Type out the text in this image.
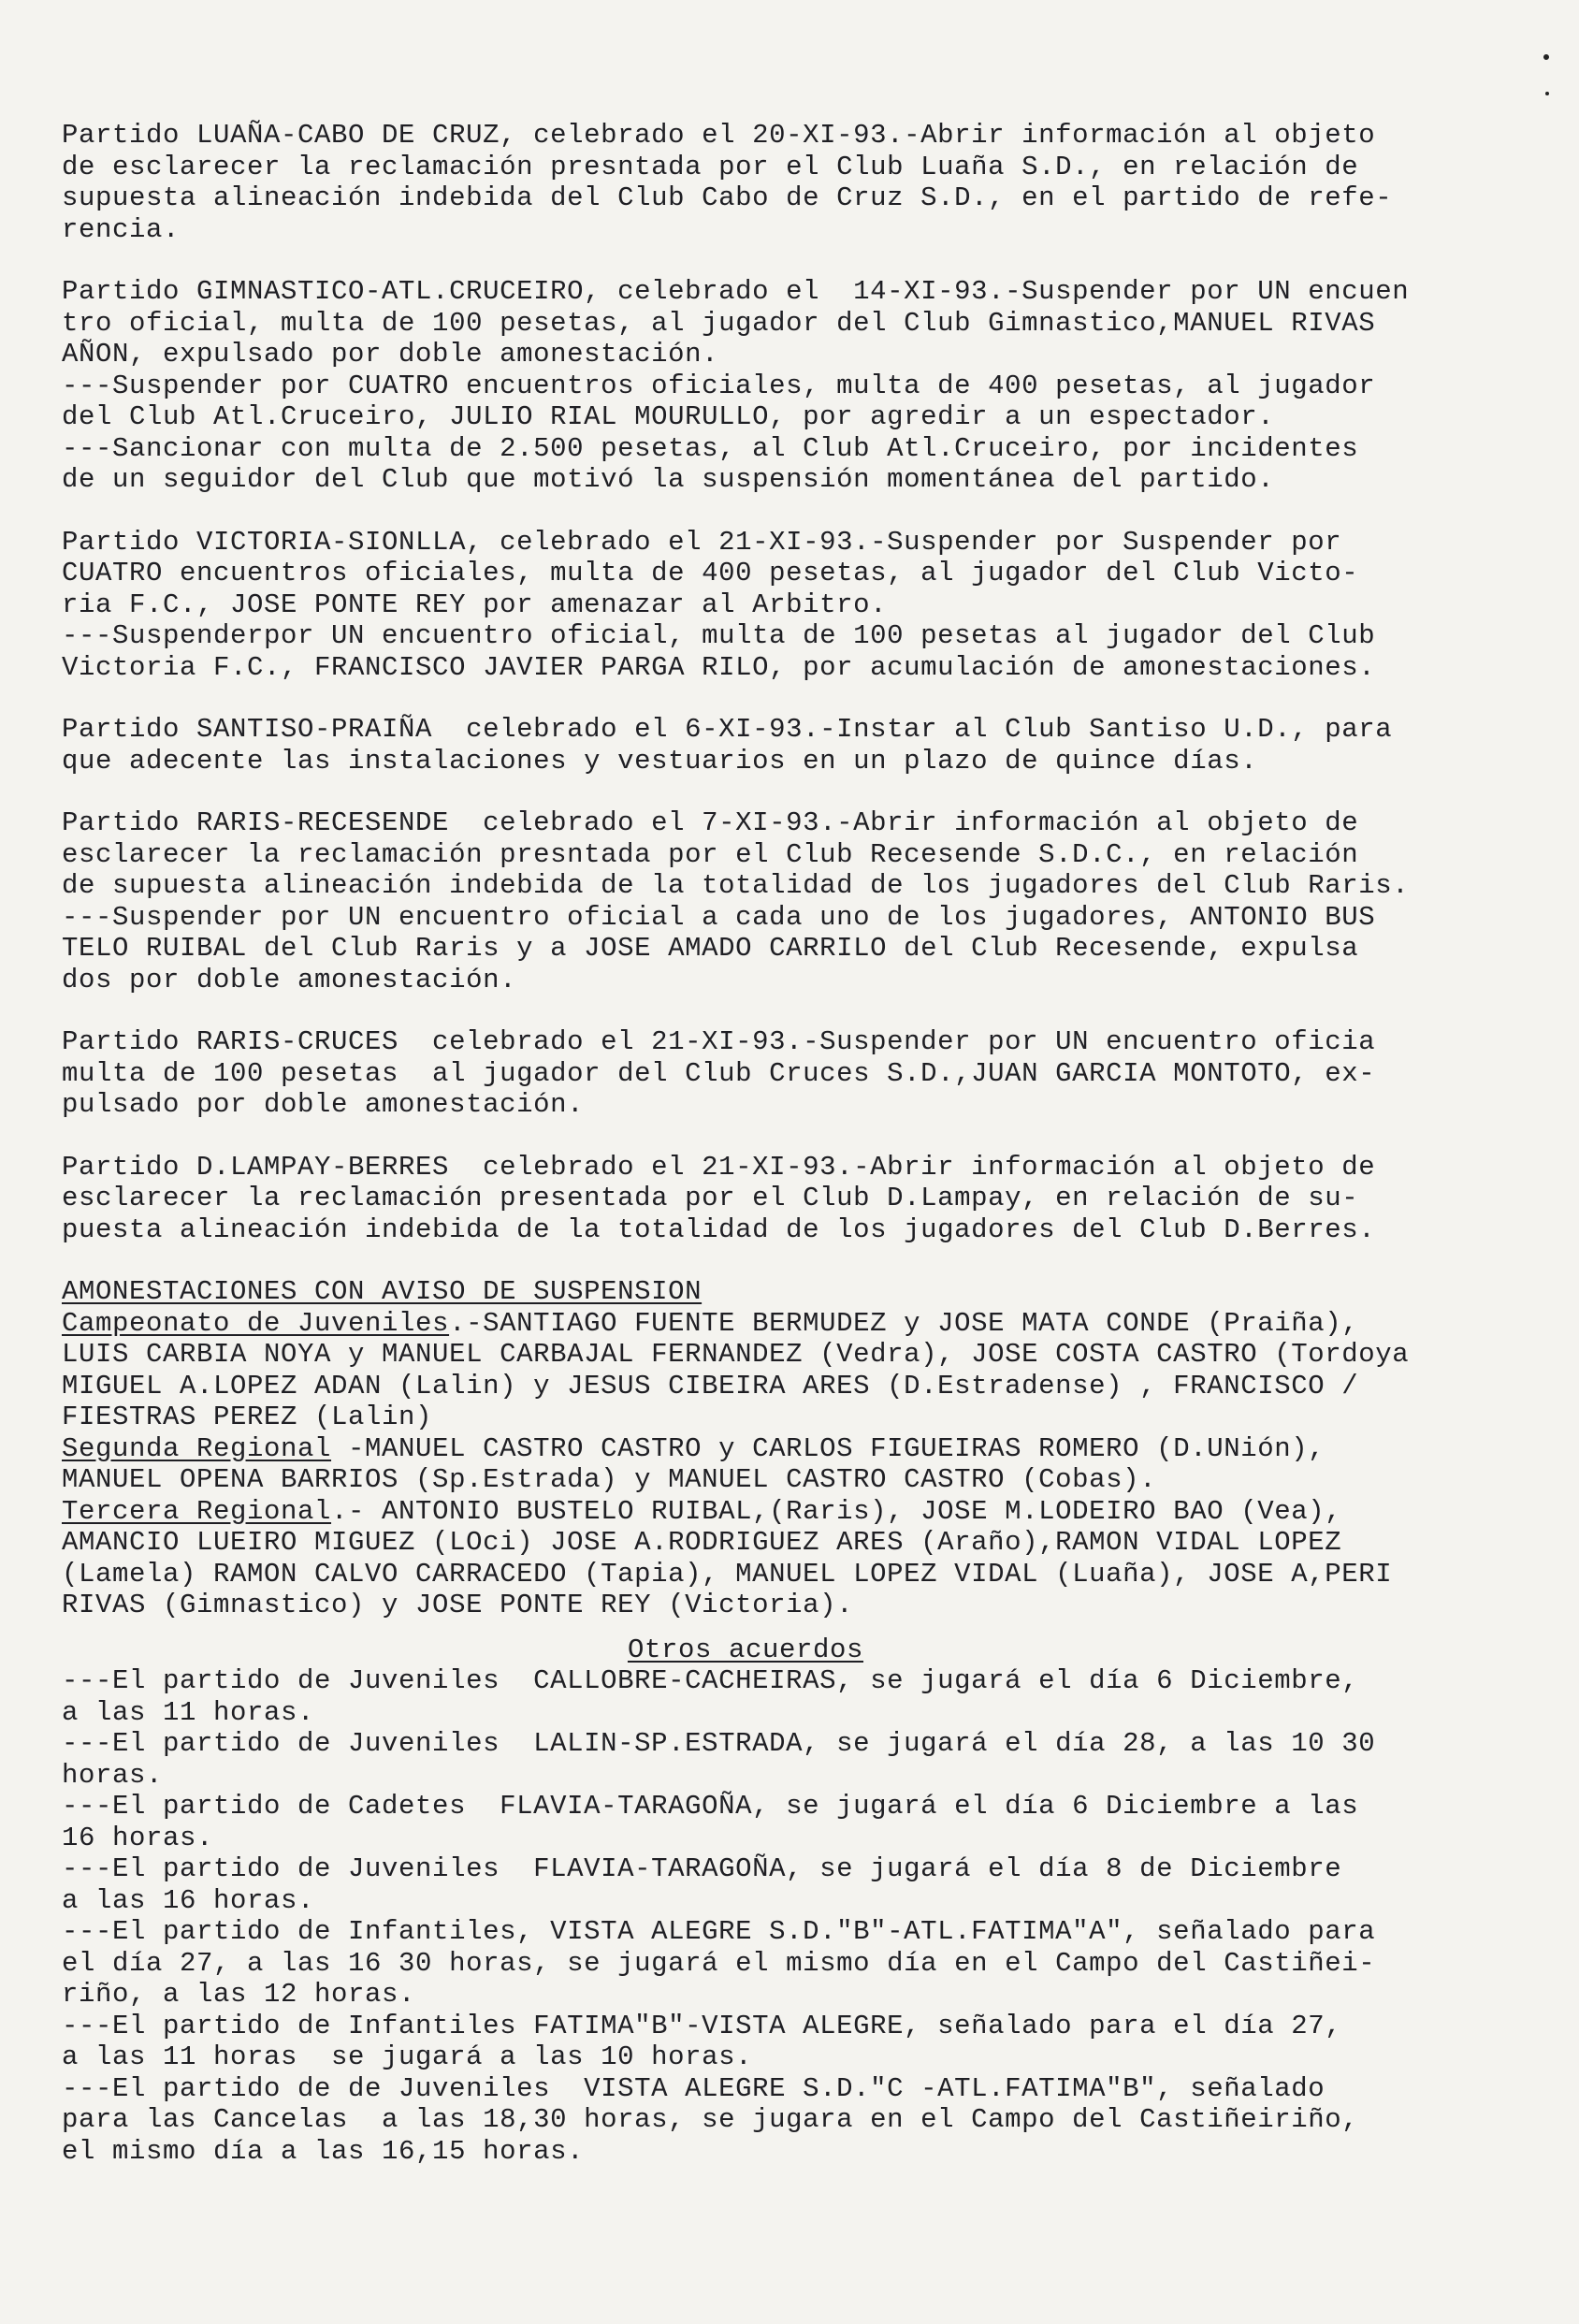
Partido LUAÑA-CABO DE CRUZ, celebrado el 20-XI-93.-Abrir información al objeto
de esclarecer la reclamación presntada por el Club Luaña S.D., en relación de
supuesta alineación indebida del Club Cabo de Cruz S.D., en el partido de refe-
rencia.
Partido GIMNASTICO-ATL.CRUCEIRO, celebrado el  14-XI-93.-Suspender por UN encuen
tro oficial, multa de 100 pesetas, al jugador del Club Gimnastico,MANUEL RIVAS
AÑON, expulsado por doble amonestación.
---Suspender por CUATRO encuentros oficiales, multa de 400 pesetas, al jugador
del Club Atl.Cruceiro, JULIO RIAL MOURULLO, por agredir a un espectador.
---Sancionar con multa de 2.500 pesetas, al Club Atl.Cruceiro, por incidentes
de un seguidor del Club que motivó la suspensión momentánea del partido.
Partido VICTORIA-SIONLLA, celebrado el 21-XI-93.-Suspender por Suspender por
CUATRO encuentros oficiales, multa de 400 pesetas, al jugador del Club Victo-
ria F.C., JOSE PONTE REY por amenazar al Arbitro.
---Suspenderpor UN encuentro oficial, multa de 100 pesetas al jugador del Club
Victoria F.C., FRANCISCO JAVIER PARGA RILO, por acumulación de amonestaciones.
Partido SANTISO-PRAIÑA  celebrado el 6-XI-93.-Instar al Club Santiso U.D., para
que adecente las instalaciones y vestuarios en un plazo de quince días.
Partido RARIS-RECESENDE  celebrado el 7-XI-93.-Abrir información al objeto de
esclarecer la reclamación presntada por el Club Recesende S.D.C., en relación
de supuesta alineación indebida de la totalidad de los jugadores del Club Raris.
---Suspender por UN encuentro oficial a cada uno de los jugadores, ANTONIO BUS
TELO RUIBAL del Club Raris y a JOSE AMADO CARRILO del Club Recesende, expulsa
dos por doble amonestación.
Partido RARIS-CRUCES  celebrado el 21-XI-93.-Suspender por UN encuentro oficia
multa de 100 pesetas  al jugador del Club Cruces S.D.,JUAN GARCIA MONTOTO, ex-
pulsado por doble amonestación.
Partido D.LAMPAY-BERRES  celebrado el 21-XI-93.-Abrir información al objeto de
esclarecer la reclamación presentada por el Club D.Lampay, en relación de su-
puesta alineación indebida de la totalidad de los jugadores del Club D.Berres.
AMONESTACIONES CON AVISO DE SUSPENSION
Campeonato de Juveniles.-SANTIAGO FUENTE BERMUDEZ y JOSE MATA CONDE (Praiña),
LUIS CARBIA NOYA y MANUEL CARBAJAL FERNANDEZ (Vedra), JOSE COSTA CASTRO (Tordoya
MIGUEL A.LOPEZ ADAN (Lalin) y JESUS CIBEIRA ARES (D.Estradense) , FRANCISCO /
FIESTRAS PEREZ (Lalin)
Segunda Regional -MANUEL CASTRO CASTRO y CARLOS FIGUEIRAS ROMERO (D.UNión),
MANUEL OPENA BARRIOS (Sp.Estrada) y MANUEL CASTRO CASTRO (Cobas).
Tercera Regional.- ANTONIO BUSTELO RUIBAL,(Raris), JOSE M.LODEIRO BAO (Vea),
AMANCIO LUEIRO MIGUEZ (LOci) JOSE A.RODRIGUEZ ARES (Araño),RAMON VIDAL LOPEZ
(Lamela) RAMON CALVO CARRACEDO (Tapia), MANUEL LOPEZ VIDAL (Luaña), JOSE A,PERI
RIVAS (Gimnastico) y JOSE PONTE REY (Victoria).
Otros acuerdos
---El partido de Juveniles  CALLOBRE-CACHEIRAS, se jugará el día 6 Diciembre,
a las 11 horas.
---El partido de Juveniles  LALIN-SP.ESTRADA, se jugará el día 28, a las 10 30
horas.
---El partido de Cadetes  FLAVIA-TARAGOÑA, se jugará el día 6 Diciembre a las
16 horas.
---El partido de Juveniles  FLAVIA-TARAGOÑA, se jugará el día 8 de Diciembre
a las 16 horas.
---El partido de Infantiles, VISTA ALEGRE S.D."B"-ATL.FATIMA"A", señalado para
el día 27, a las 16 30 horas, se jugará el mismo día en el Campo del Castiñei-
riño, a las 12 horas.
---El partido de Infantiles FATIMA"B"-VISTA ALEGRE, señalado para el día 27,
a las 11 horas  se jugará a las 10 horas.
---El partido de de Juveniles  VISTA ALEGRE S.D."C -ATL.FATIMA"B", señalado
para las Cancelas  a las 18,30 horas, se jugara en el Campo del Castiñeiriño,
el mismo día a las 16,15 horas.
